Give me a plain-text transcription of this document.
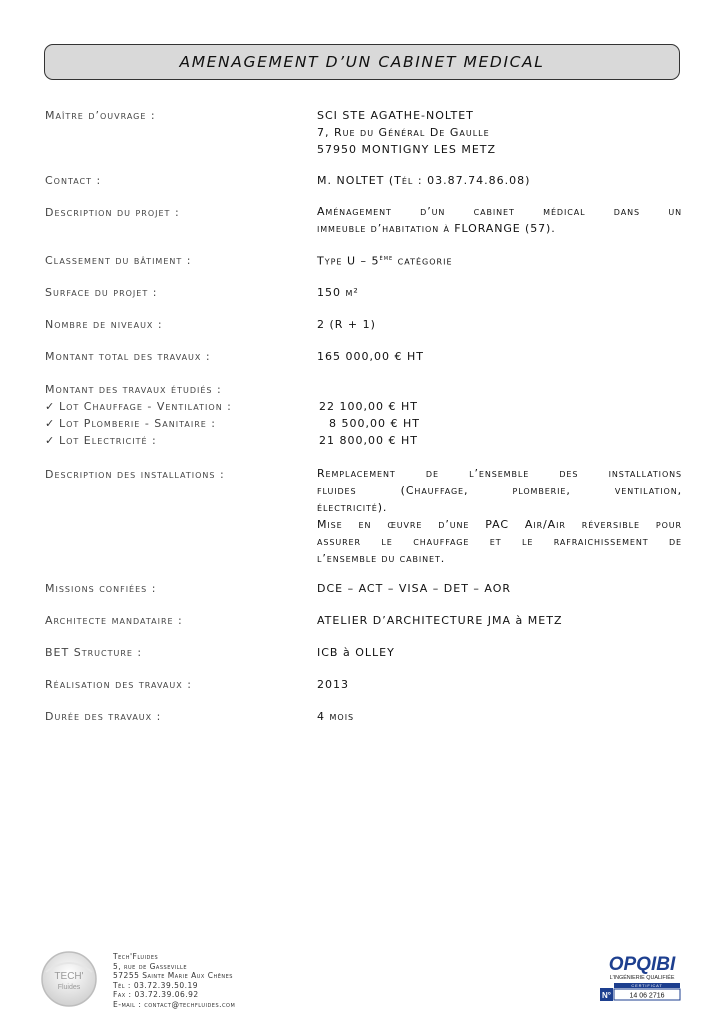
AMENAGEMENT D’UN CABINET MEDICAL
Maître d’ouvrage :	SCI STE AGATHE-NOLTET
7, Rue du Général De Gaulle
57950 MONTIGNY LES METZ
Contact :	M. NOLTET (Tél : 03.87.74.86.08)
Description du projet :	Aménagement d’un cabinet médical dans un
immeuble d’habitation à FLORANGE (57).
Classement du bâtiment :	Type U – 5ème catégorie
Surface du projet :	150 m²
Nombre de niveaux :	2 (R + 1)
Montant total des travaux :	165 000,00 € HT
Montant des travaux étudiés :
✓ Lot Chauffage - Ventilation :	22 100,00 € HT
✓ Lot Plomberie - Sanitaire :	8 500,00 € HT
✓ Lot Electricité :	21 800,00 € HT
Description des installations :	Remplacement de l’ensemble des installations
fluides (Chauffage, plomberie, ventilation,
électricité).
Mise en œuvre d’une PAC Air/Air réversible pour
assurer le chauffage et le rafraichissement de
l’ensemble du cabinet.
Missions confiées :	DCE – ACT – VISA – DET – AOR
Architecte mandataire :	ATELIER D’ARCHITECTURE JMA à METZ
BET Structure :	ICB à OLLEY
Réalisation des travaux :	2013
Durée des travaux :	4 mois
TECH'
Fluides
Tech'Fluides
5, rue de Gasseville
57255 Sainte Marie Aux Chênes
Tél : 03.72.39.50.19
Fax : 03.72.39.06.92
E-mail : contact@techfluides.com
OPQIBI
L'INGÉNIERIE QUALIFIÉE
CERTIFICAT
N°	14 06 2716
